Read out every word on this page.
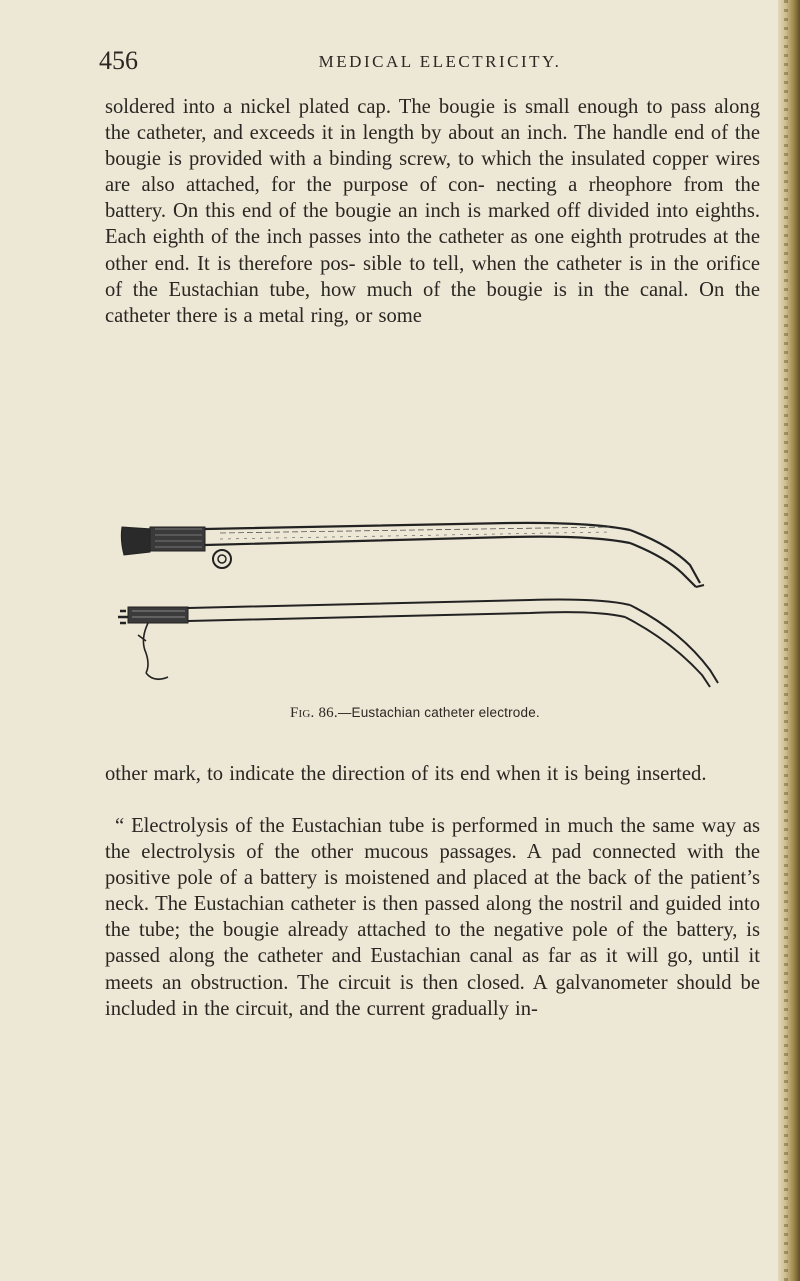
456	MEDICAL ELECTRICITY.

soldered into a nickel plated cap. The bougie is small enough to pass along the catheter, and exceeds it in length by about an inch. The handle end of the bougie is provided with a binding screw, to which the insulated copper wires are also attached, for the purpose of con- necting a rheophore from the battery. On this end of the bougie an inch is marked off divided into eighths. Each eighth of the inch passes into the catheter as one eighth protrudes at the other end. It is therefore pos- sible to tell, when the catheter is in the orifice of the Eustachian tube, how much of the bougie is in the canal. On the catheter there is a metal ring, or some

Fig. 86.—Eustachian catheter electrode.

other mark, to indicate the direction of its end when it is being inserted.

“ Electrolysis of the Eustachian tube is performed in much the same way as the electrolysis of the other mucous passages. A pad connected with the positive pole of a battery is moistened and placed at the back of the patient’s neck. The Eustachian catheter is then passed along the nostril and guided into the tube; the bougie already attached to the negative pole of the battery, is passed along the catheter and Eustachian canal as far as it will go, until it meets an obstruction. The circuit is then closed. A galvanometer should be included in the circuit, and the current gradually in-
